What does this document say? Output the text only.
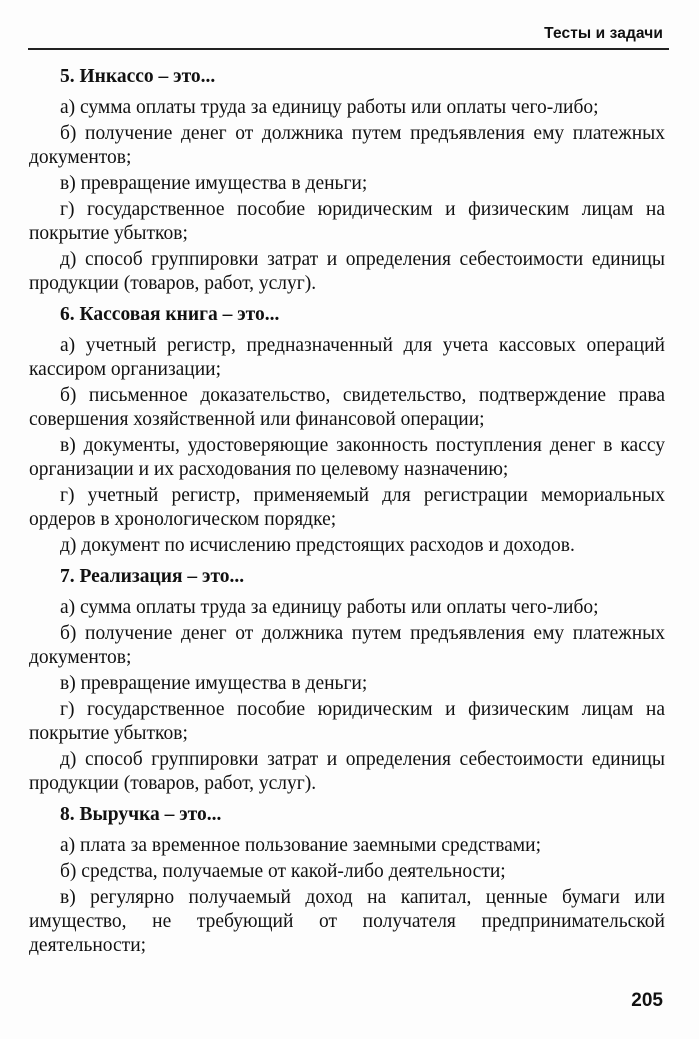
Тесты и задачи
5. Инкассо – это...

а) сумма оплаты труда за единицу работы или оплаты чего-либо;

б) получение денег от должника путем предъявления ему платежных документов;

в) превращение имущества в деньги;

г) государственное пособие юридическим и физическим лицам на покрытие убытков;

д) способ группировки затрат и определения себестоимости единицы продукции (товаров, работ, услуг).

6. Кассовая книга – это...

а) учетный регистр, предназначенный для учета кассовых операций кассиром организации;

б) письменное доказательство, свидетельство, подтверждение права совершения хозяйственной или финансовой операции;

в) документы, удостоверяющие законность поступления денег в кассу организации и их расходования по целевому назначению;

г) учетный регистр, применяемый для регистрации мемориальных ордеров в хронологическом порядке;

д) документ по исчислению предстоящих расходов и доходов.

7. Реализация – это...

а) сумма оплаты труда за единицу работы или оплаты чего-либо;

б) получение денег от должника путем предъявления ему платежных документов;

в) превращение имущества в деньги;

г) государственное пособие юридическим и физическим лицам на покрытие убытков;

д) способ группировки затрат и определения себестоимости единицы продукции (товаров, работ, услуг).

8. Выручка – это...

а) плата за временное пользование заемными средствами;

б) средства, получаемые от какой-либо деятельности;

в) регулярно получаемый доход на капитал, ценные бумаги или имущество, не требующий от получателя предпринимательской деятельности;

205
